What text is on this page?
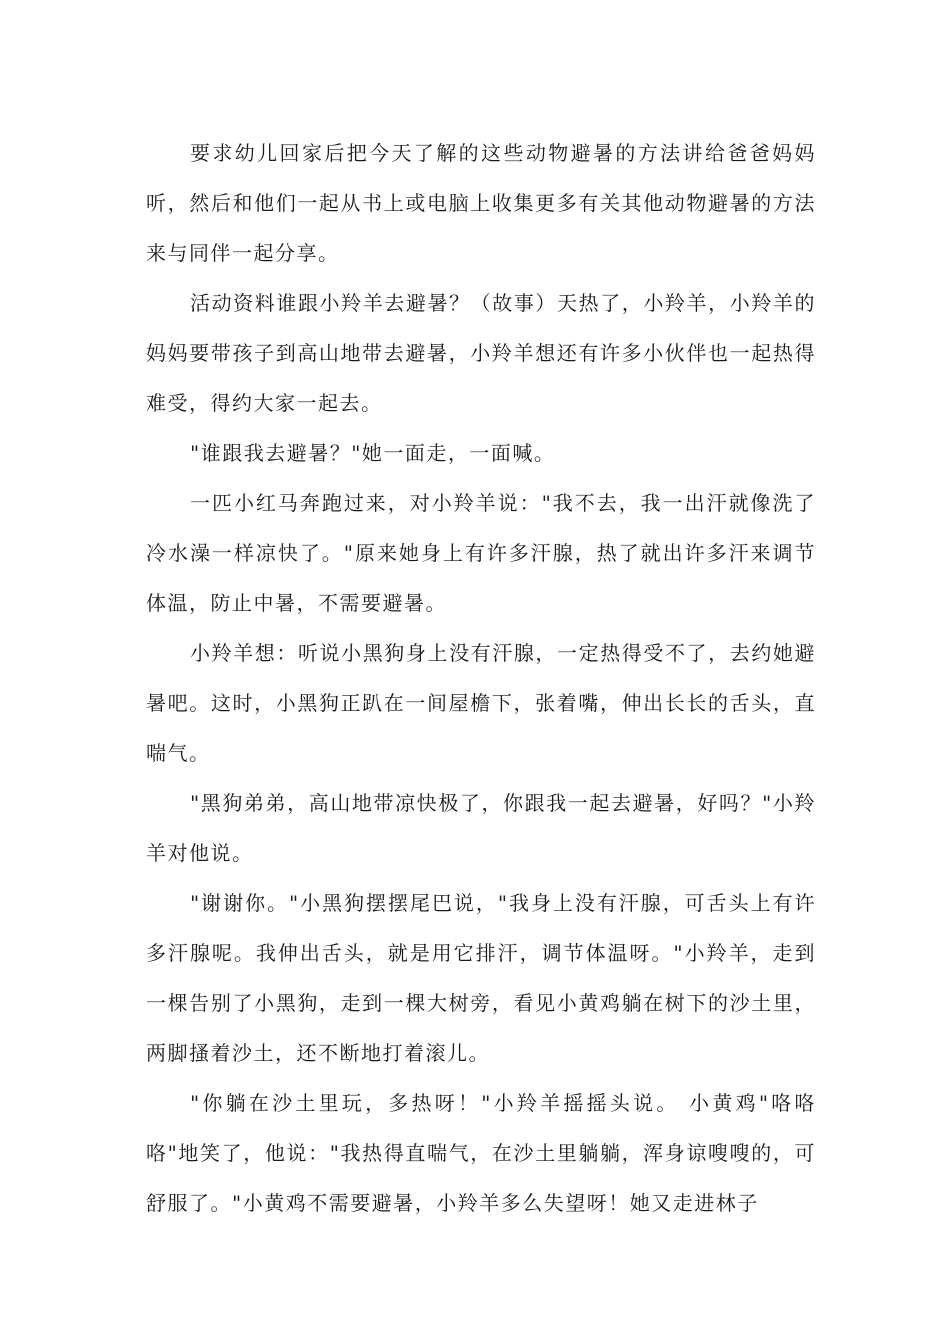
要求幼儿回家后把今天了解的这些动物避暑的方法讲给爸爸妈妈听，然后和他们一起从书上或电脑上收集更多有关其他动物避暑的方法来与同伴一起分享。

活动资料谁跟小羚羊去避暑？（故事）天热了，小羚羊，小羚羊的妈妈要带孩子到高山地带去避暑，小羚羊想还有许多小伙伴也一起热得难受，得约大家一起去。

"谁跟我去避暑？"她一面走，一面喊。

一匹小红马奔跑过来，对小羚羊说："我不去，我一出汗就像洗了冷水澡一样凉快了。"原来她身上有许多汗腺，热了就出许多汗来调节体温，防止中暑，不需要避暑。

小羚羊想：听说小黑狗身上没有汗腺，一定热得受不了，去约她避暑吧。这时，小黑狗正趴在一间屋檐下，张着嘴，伸出长长的舌头，直喘气。

"黑狗弟弟，高山地带凉快极了，你跟我一起去避暑，好吗？"小羚羊对他说。

"谢谢你。"小黑狗摆摆尾巴说，"我身上没有汗腺，可舌头上有许多汗腺呢。我伸出舌头，就是用它排汗，调节体温呀。"小羚羊，走到一棵告别了小黑狗，走到一棵大树旁，看见小黄鸡躺在树下的沙土里，两脚搔着沙土，还不断地打着滚儿。

"你躺在沙土里玩，多热呀！"小羚羊摇摇头说。 小黄鸡"咯咯咯"地笑了，他说："我热得直喘气，在沙土里躺躺，浑身谅嗖嗖的，可舒服了。"小黄鸡不需要避暑，小羚羊多么失望呀！她又走进林子
